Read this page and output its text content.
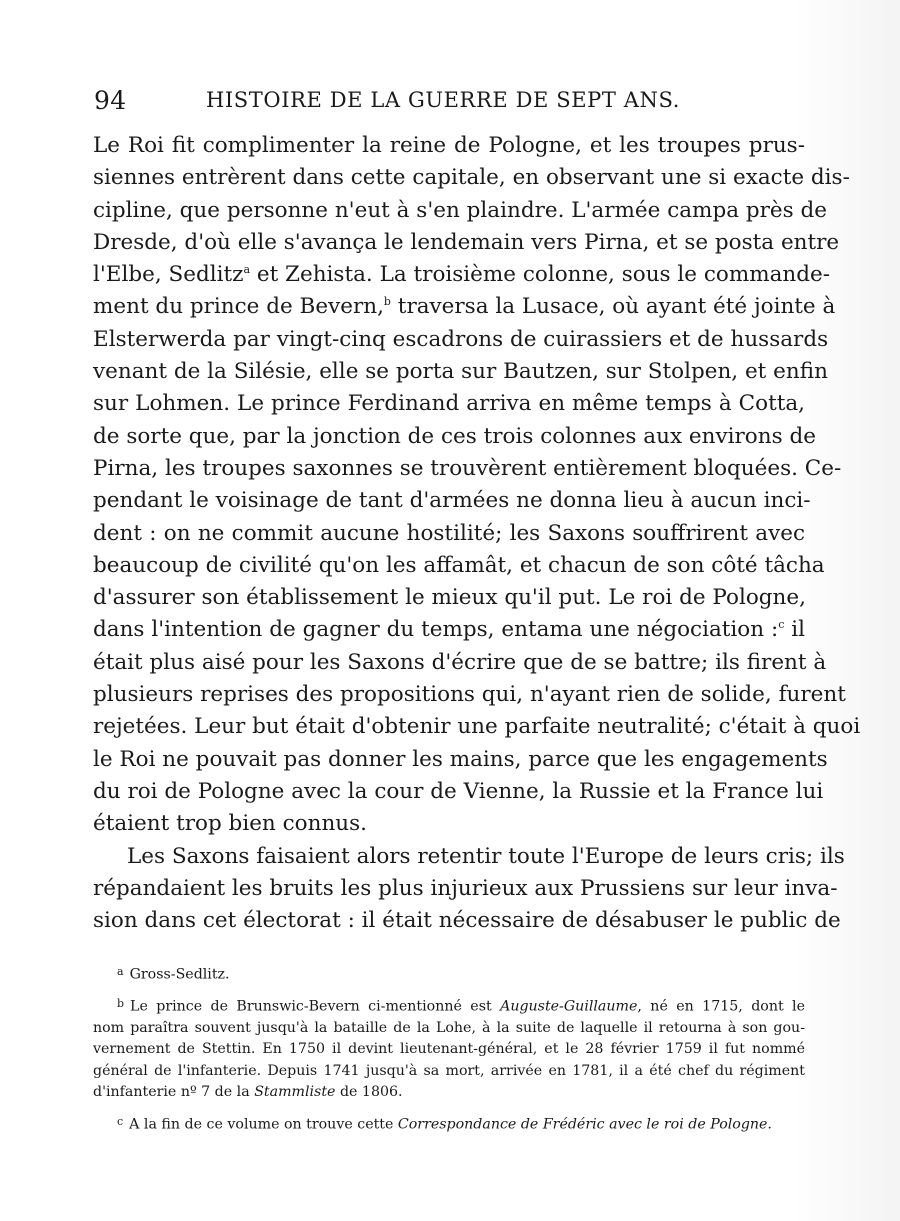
94	HISTOIRE DE LA GUERRE DE SEPT ANS.
Le Roi fit complimenter la reine de Pologne, et les troupes prus-
siennes entrèrent dans cette capitale, en observant une si exacte dis-
cipline, que personne n'eut à s'en plaindre. L'armée campa près de
Dresde, d'où elle s'avança le lendemain vers Pirna, et se posta entre
l'Elbe, Sedlitz$^a$ et Zehista. La troisième colonne, sous le commande-
ment du prince de Bevern,$^b$ traversa la Lusace, où ayant été jointe à
Elsterwerda par vingt-cinq escadrons de cuirassiers et de hussards
venant de la Silésie, elle se porta sur Bautzen, sur Stolpen, et enfin
sur Lohmen. Le prince Ferdinand arriva en même temps à Cotta,
de sorte que, par la jonction de ces trois colonnes aux environs de
Pirna, les troupes saxonnes se trouvèrent entièrement bloquées. Ce-
pendant le voisinage de tant d'armées ne donna lieu à aucun inci-
dent : on ne commit aucune hostilité; les Saxons souffrirent avec
beaucoup de civilité qu'on les affamât, et chacun de son côté tâcha
d'assurer son établissement le mieux qu'il put. Le roi de Pologne,
dans l'intention de gagner du temps, entama une négociation :$^c$ il
était plus aisé pour les Saxons d'écrire que de se battre; ils firent à
plusieurs reprises des propositions qui, n'ayant rien de solide, furent
rejetées. Leur but était d'obtenir une parfaite neutralité; c'était à quoi
le Roi ne pouvait pas donner les mains, parce que les engagements
du roi de Pologne avec la cour de Vienne, la Russie et la France lui
étaient trop bien connus.
Les Saxons faisaient alors retentir toute l'Europe de leurs cris; ils
répandaient les bruits les plus injurieux aux Prussiens sur leur inva-
sion dans cet électorat : il était nécessaire de désabuser le public de
$^a$ Gross-Sedlitz.
$^b$ Le prince de Brunswic-Bevern ci-mentionné est Auguste-Guillaume, né en 1715, dont le
nom paraîtra souvent jusqu'à la bataille de la Lohe, à la suite de laquelle il retourna à son gou-
vernement de Stettin. En 1750 il devint lieutenant-général, et le 28 février 1759 il fut nommé
général de l'infanterie. Depuis 1741 jusqu'à sa mort, arrivée en 1781, il a été chef du régiment
d'infanterie nº 7 de la Stammliste de 1806.
$^c$ A la fin de ce volume on trouve cette Correspondance de Frédéric avec le roi de Pologne.
